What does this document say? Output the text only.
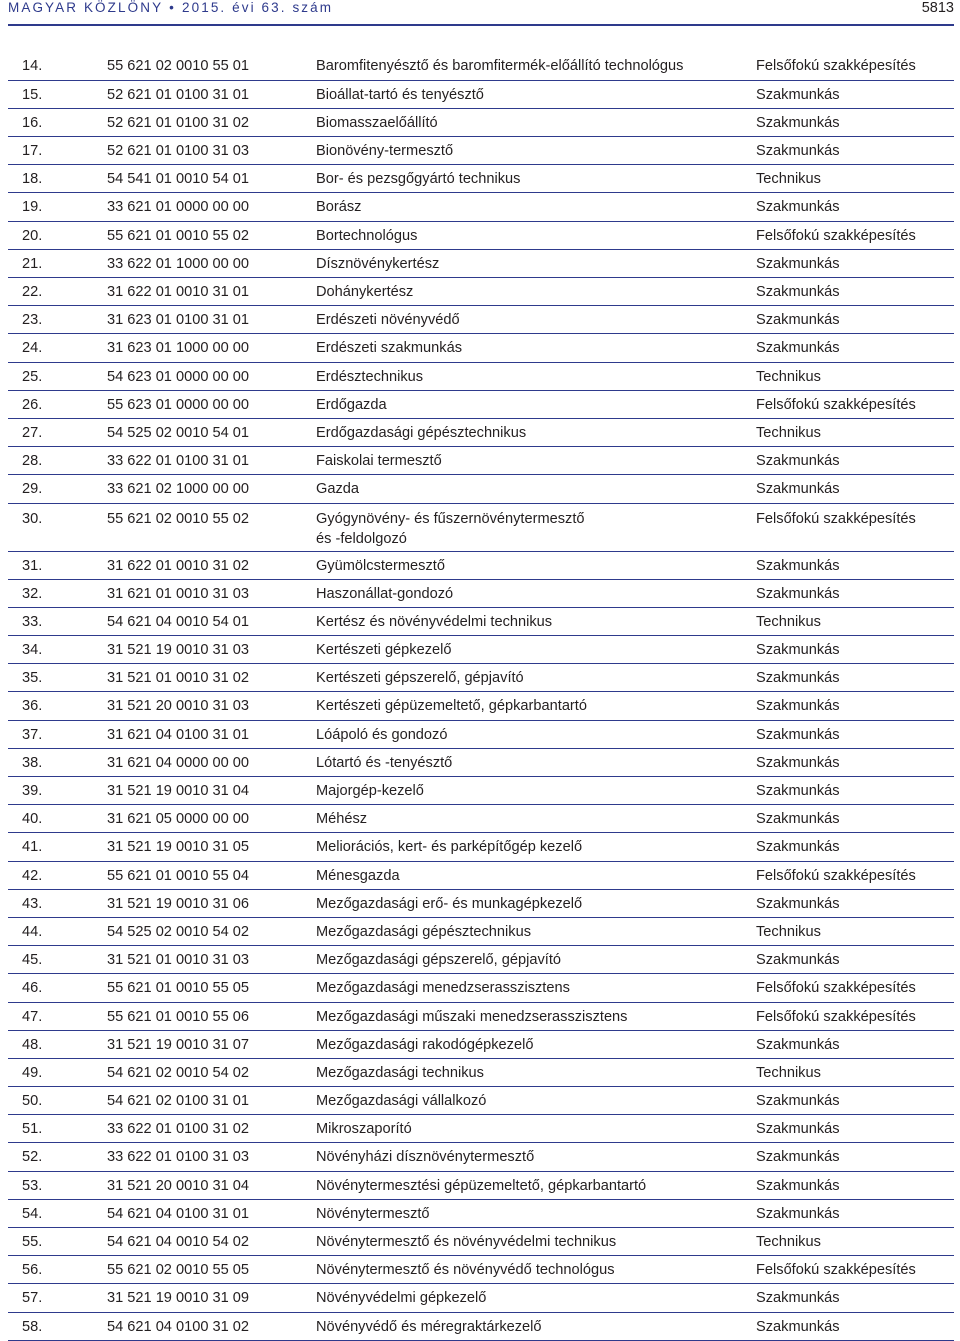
MAGYAR KÖZLÖNY • 2015. évi 63. szám	5813
14.	55 621 02 0010 55 01	Baromfitenyésztő és baromfitermék-előállító technológus	Felsőfokú szakképesítés

15.	52 621 01 0100 31 01	Bioállat-tartó és tenyésztő	Szakmunkás

16.	52 621 01 0100 31 02	Biomasszaelőállító	Szakmunkás

17.	52 621 01 0100 31 03	Bionövény-termesztő	Szakmunkás

18.	54 541 01 0010 54 01	Bor- és pezsgőgyártó technikus	Technikus

19.	33 621 01 0000 00 00	Borász	Szakmunkás

20.	55 621 01 0010 55 02	Bortechnológus	Felsőfokú szakképesítés

21.	33 622 01 1000 00 00	Dísznövénykertész	Szakmunkás

22.	31 622 01 0010 31 01	Dohánykertész	Szakmunkás

23.	31 623 01 0100 31 01	Erdészeti növényvédő	Szakmunkás

24.	31 623 01 1000 00 00	Erdészeti szakmunkás	Szakmunkás

25.	54 623 01 0000 00 00	Erdésztechnikus	Technikus

26.	55 623 01 0000 00 00	Erdőgazda	Felsőfokú szakképesítés

27.	54 525 02 0010 54 01	Erdőgazdasági gépésztechnikus	Technikus

28.	33 622 01 0100 31 01	Faiskolai termesztő	Szakmunkás

29.	33 621 02 1000 00 00	Gazda	Szakmunkás

30.	55 621 02 0010 55 02	Gyógynövény- és fűszernövénytermesztő
és -feldolgozó	Felsőfokú szakképesítés

31.	31 622 01 0010 31 02	Gyümölcstermesztő	Szakmunkás

32.	31 621 01 0010 31 03	Haszonállat-gondozó	Szakmunkás

33.	54 621 04 0010 54 01	Kertész és növényvédelmi technikus	Technikus

34.	31 521 19 0010 31 03	Kertészeti gépkezelő	Szakmunkás

35.	31 521 01 0010 31 02	Kertészeti gépszerelő, gépjavító	Szakmunkás

36.	31 521 20 0010 31 03	Kertészeti gépüzemeltető, gépkarbantartó	Szakmunkás

37.	31 621 04 0100 31 01	Lóápoló és gondozó	Szakmunkás

38.	31 621 04 0000 00 00	Lótartó és -tenyésztő	Szakmunkás

39.	31 521 19 0010 31 04	Majorgép-kezelő	Szakmunkás

40.	31 621 05 0000 00 00	Méhész	Szakmunkás

41.	31 521 19 0010 31 05	Meliorációs, kert- és parképítőgép kezelő	Szakmunkás

42.	55 621 01 0010 55 04	Ménesgazda	Felsőfokú szakképesítés

43.	31 521 19 0010 31 06	Mezőgazdasági erő- és munkagépkezelő	Szakmunkás

44.	54 525 02 0010 54 02	Mezőgazdasági gépésztechnikus	Technikus

45.	31 521 01 0010 31 03	Mezőgazdasági gépszerelő, gépjavító	Szakmunkás

46.	55 621 01 0010 55 05	Mezőgazdasági menedzserasszisztens	Felsőfokú szakképesítés

47.	55 621 01 0010 55 06	Mezőgazdasági műszaki menedzserasszisztens	Felsőfokú szakképesítés

48.	31 521 19 0010 31 07	Mezőgazdasági rakodógépkezelő	Szakmunkás

49.	54 621 02 0010 54 02	Mezőgazdasági technikus	Technikus

50.	54 621 02 0100 31 01	Mezőgazdasági vállalkozó	Szakmunkás

51.	33 622 01 0100 31 02	Mikroszaporító	Szakmunkás

52.	33 622 01 0100 31 03	Növényházi dísznövénytermesztő	Szakmunkás

53.	31 521 20 0010 31 04	Növénytermesztési gépüzemeltető, gépkarbantartó	Szakmunkás

54.	54 621 04 0100 31 01	Növénytermesztő	Szakmunkás

55.	54 621 04 0010 54 02	Növénytermesztő és növényvédelmi technikus	Technikus

56.	55 621 02 0010 55 05	Növénytermesztő és növényvédő technológus	Felsőfokú szakképesítés

57.	31 521 19 0010 31 09	Növényvédelmi gépkezelő	Szakmunkás

58.	54 621 04 0100 31 02	Növényvédő és méregraktárkezelő	Szakmunkás
